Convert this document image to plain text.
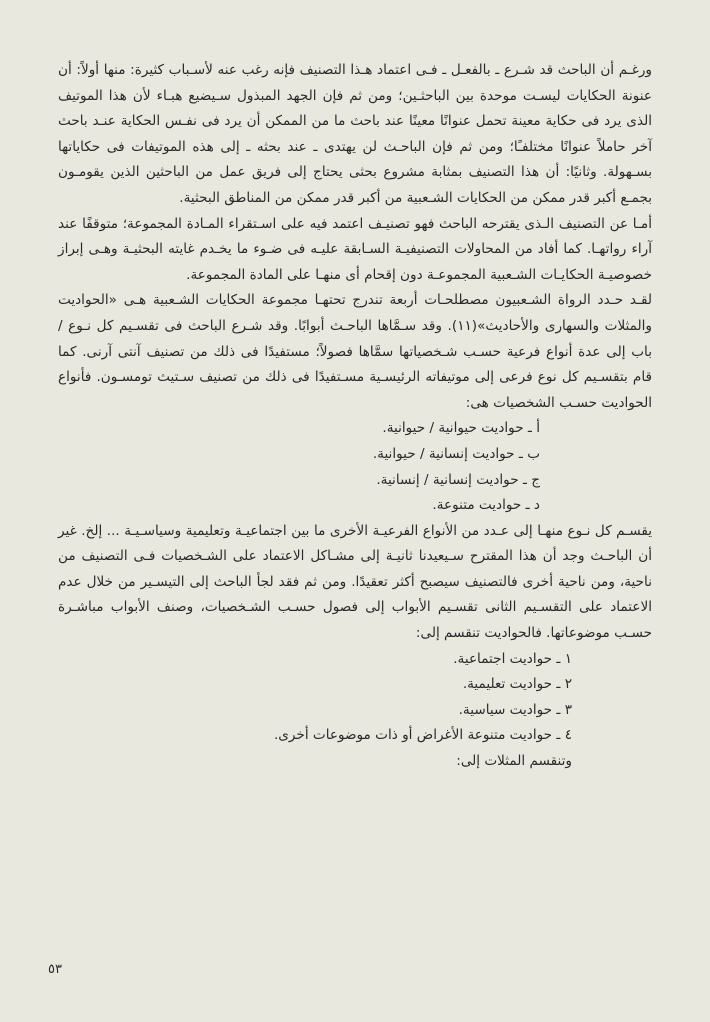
ورغـم أن الباحث قد شـرع ـ بالفعـل ـ فـى اعتماد هـذا التصنيف فإنه رغب عنه لأسـباب كثيرة: منها أولاً: أن عنونة الحكايات ليسـت موحدة بين الباحثـين؛ ومن ثم فإن الجهد المبذول سـيضيع هبـاء لأن هذا الموتيف الذى يرد فى حكاية معينة تحمل عنوانًا معينًا عند باحث ما من الممكن أن يرد فى نفـس الحكاية عنـد باحث آخر حاملاً عنوانًا مختلفـًا؛ ومن ثم فإن الباحـث لن يهتدى ـ عند بحثه ـ إلى هذه الموتيفات فى حكاياتها بسـهولة. وثانيًا: أن هذا التصنيف بمثابة مشروع بحثى يحتاج إلى فريق عمل من الباحثين الذين يقومـون بجمـع أكبر قدر ممكن من الحكايات الشـعبية من أكبر قدر ممكن من المناطق البحثية.

أمـا عن التصنيف الـذى يقترحه الباحث فهو تصنيـف اعتمد فيه على اسـتقراء المـادة المجموعة؛ متوقفًا عند آراء رواتهـا. كما أفاد من المحاولات التصنيفيـة السـابقة عليـه فى ضـوء ما يخـدم غايته البحثيـة وهـى إبراز خصوصيـة الحكايـات الشـعبية المجموعـة دون إقحام أى منهـا على المادة المجموعة.

لقـد حـدد الرواة الشـعبيون مصطلحـات أربعة تندرج تحتهـا مجموعة الحكايات الشـعبية هـى «الحواديت والمثلات والسهارى والأحاديث»(١١). وقد سـمَّاها الباحـث أبوابًا. وقد شـرع الباحث فى تقسـيم كل نـوع / باب إلى عدة أنواع فرعية حسـب شـخصياتها سمَّاها فصولاً؛ مستفيدًا فى ذلك من تصنيف آنتى آرنى. كما قام بتقسـيم كل نوع فرعى إلى موتيفاته الرئيسـية مسـتفيدًا فى ذلك من تصنيف سـتيث تومسـون. فأنواع الحواديت حسـب الشخصيات هى:

أ ـ حواديت حيوانية / حيوانية.
ب ـ حواديت إنسانية / حيوانية.
ج ـ حواديت إنسانية / إنسانية.
د ـ حواديت متنوعة.

يقسـم كل نـوع منهـا إلى عـدد من الأنواع الفرعيـة الأخرى ما بين اجتماعيـة وتعليمية وسياسـيـة ... إلخ. غير أن الباحـث وجد أن هذا المقترح سـيعيدنا ثانيـة إلى مشـاكل الاعتماد على الشـخصيات فـى التصنيف من ناحية، ومن ناحية أخرى فالتصنيف سيصبح أكثر تعقيدًا. ومن ثم فقد لجأ الباحث إلى التيسـير من خلال عدم الاعتماد على التقسـيم الثانى تقسـيم الأبواب إلى فصول حسـب الشـخصيات، وصنف الأبواب مباشـرة حسـب موضوعاتها. فالحواديت تنقسم إلى:

١ ـ حواديت اجتماعية.
٢ ـ حواديت تعليمية.
٣ ـ حواديت سياسية.
٤ ـ حواديت متنوعة الأغراض أو ذات موضوعات أخرى.

وتنقسم المثلات إلى:

٥٣
